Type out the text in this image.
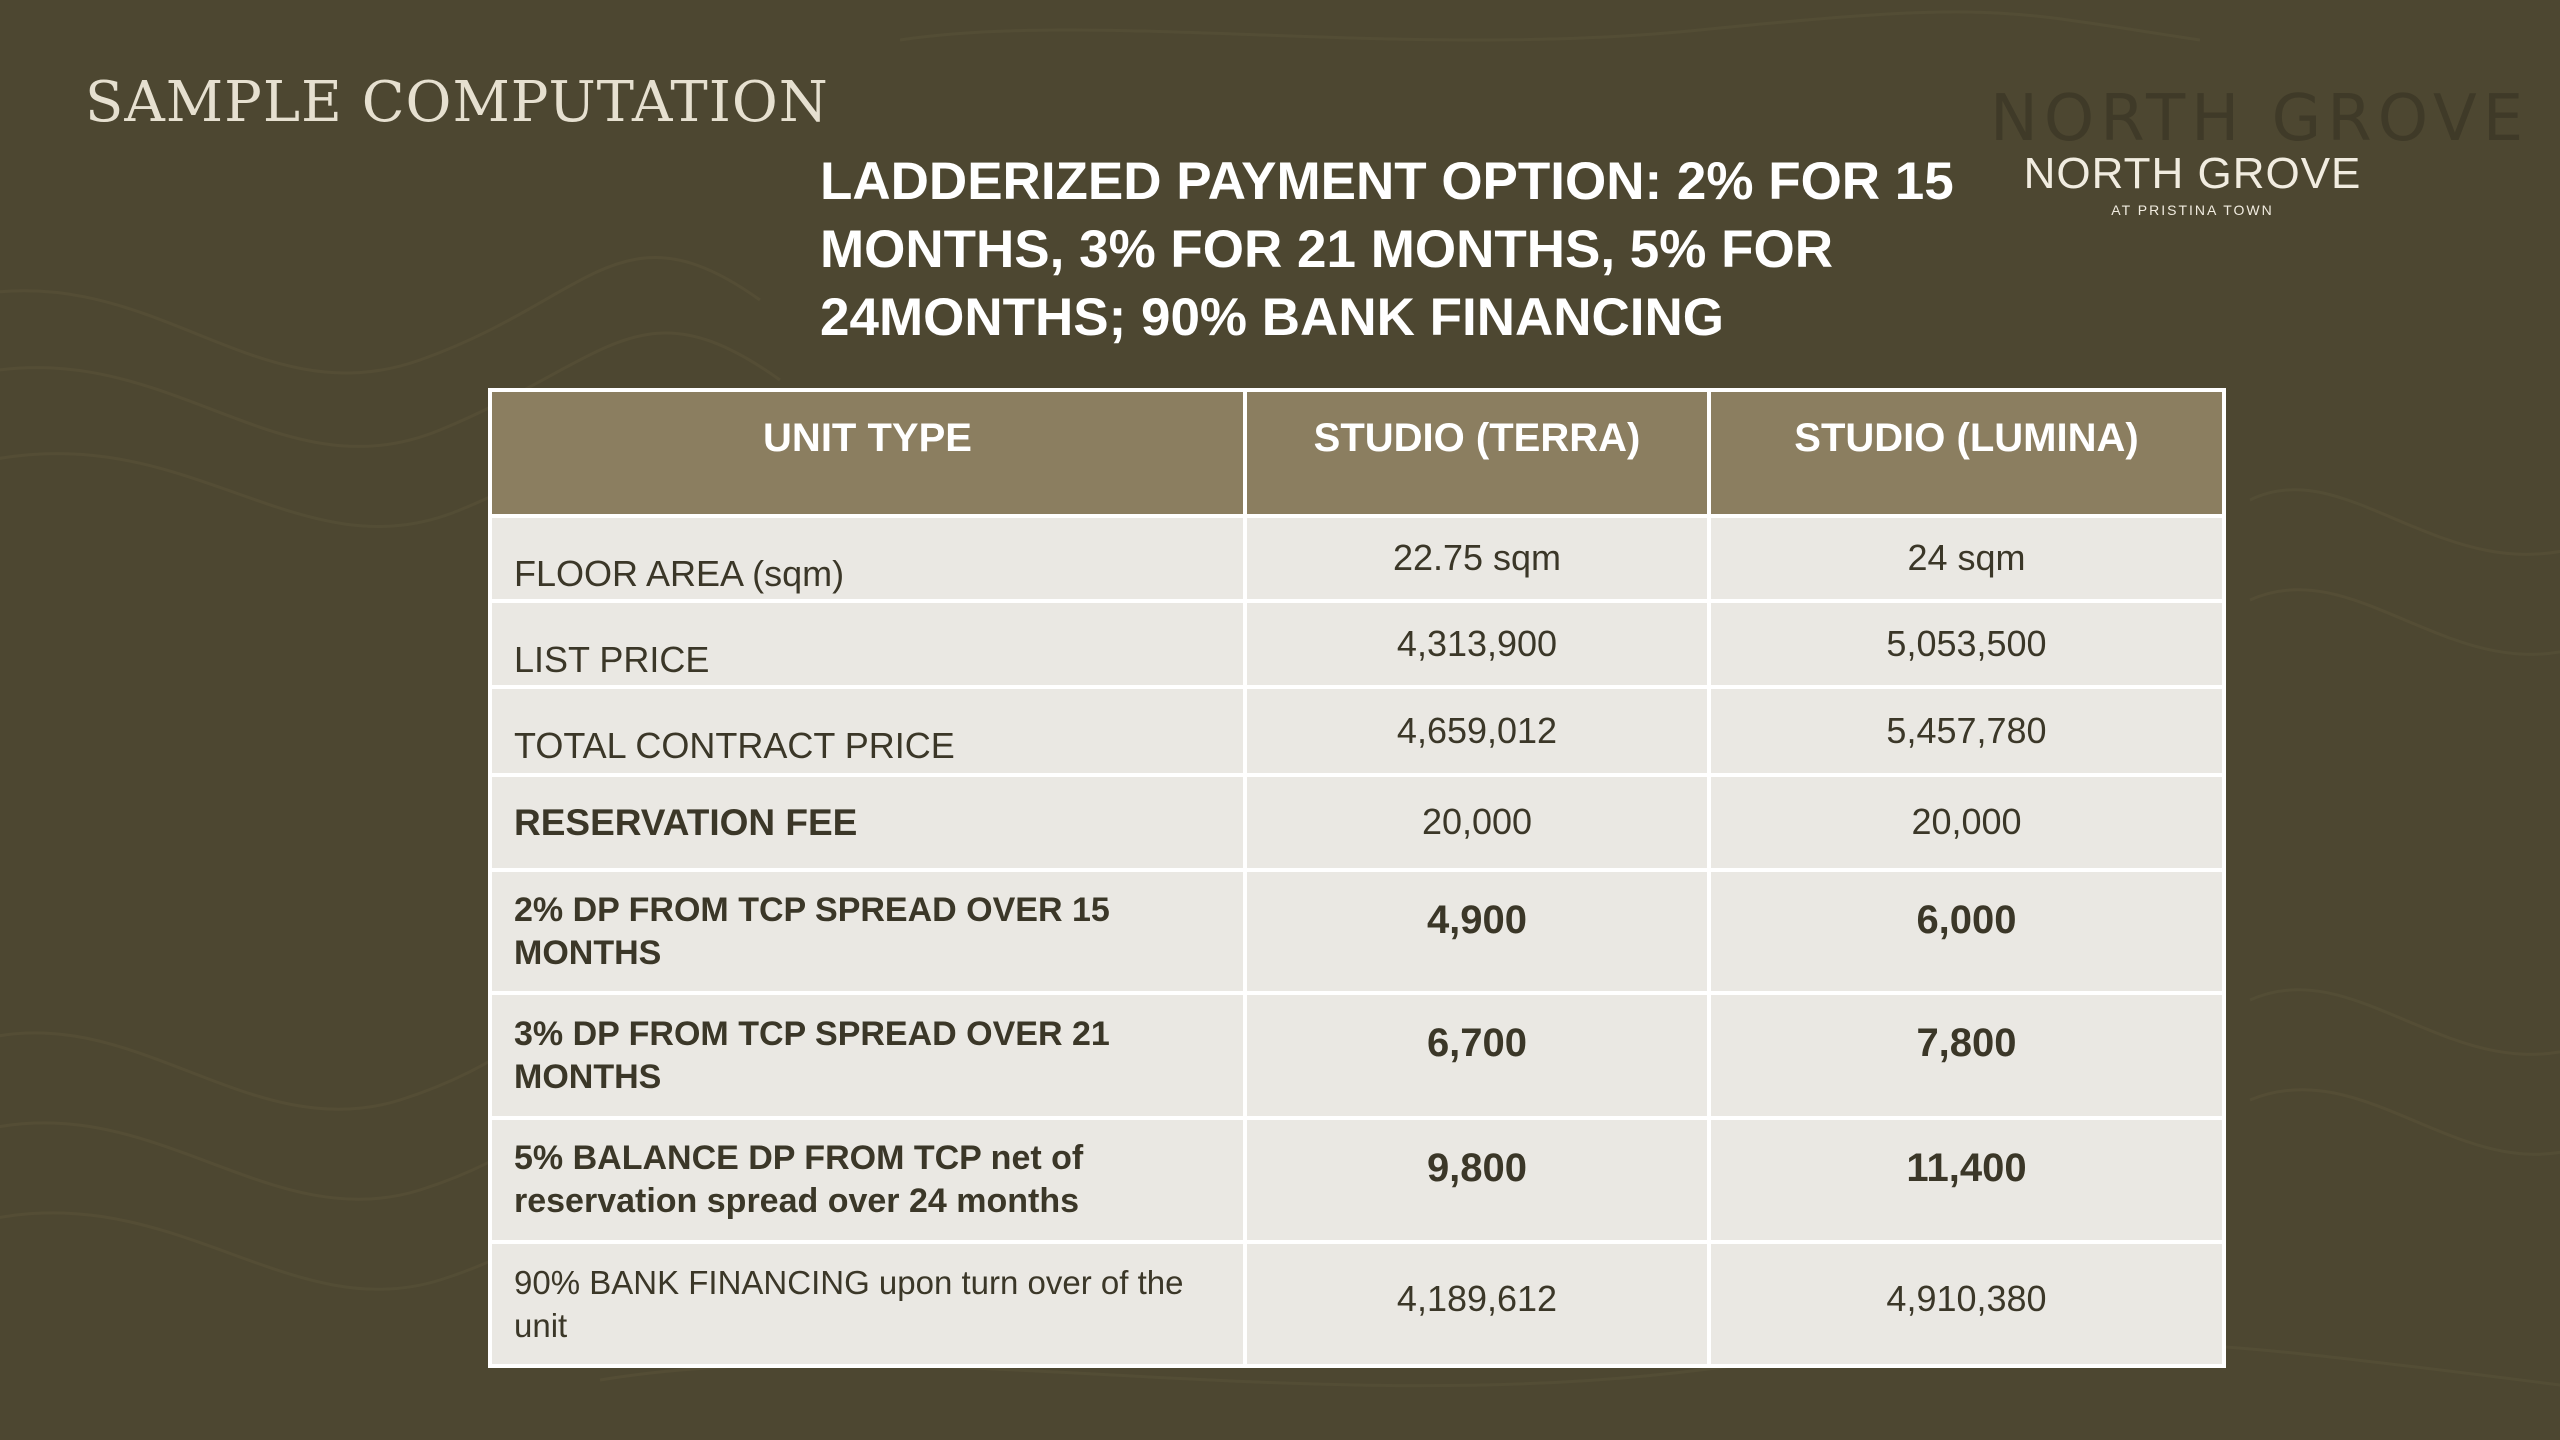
SAMPLE COMPUTATION	NORTH GROVE
NORTH GROVE
AT PRISTINA TOWN
LADDERIZED PAYMENT OPTION: 2% FOR 15 MONTHS, 3% FOR 21 MONTHS, 5% FOR 24MONTHS; 90% BANK FINANCING
UNIT TYPE	STUDIO (TERRA)	STUDIO (LUMINA)
FLOOR AREA (sqm)	22.75 sqm	24 sqm
LIST PRICE	4,313,900	5,053,500
TOTAL CONTRACT PRICE	4,659,012	5,457,780
RESERVATION FEE	20,000	20,000
2% DP FROM TCP SPREAD OVER 15 MONTHS	4,900	6,000
3% DP FROM TCP SPREAD OVER 21 MONTHS	6,700	7,800
5% BALANCE DP FROM TCP net of reservation spread over 24 months	9,800	11,400
90% BANK FINANCING upon turn over of the unit	4,189,612	4,910,380
